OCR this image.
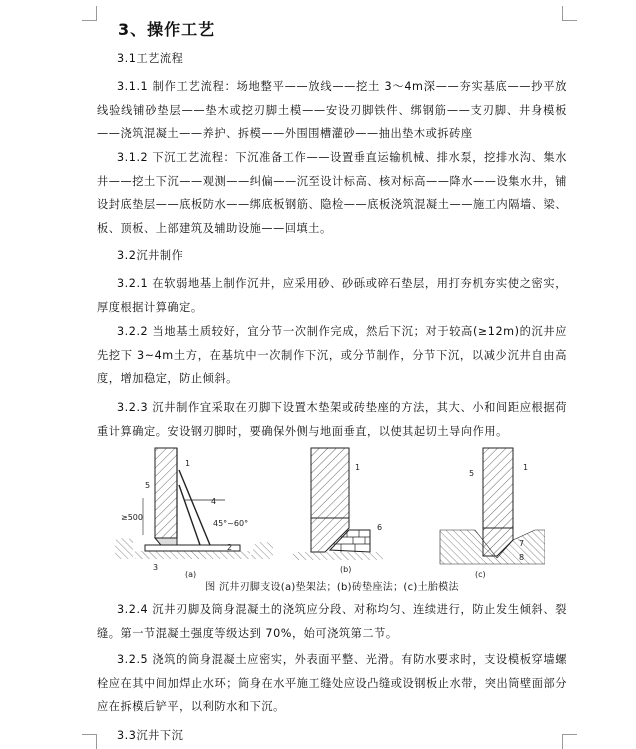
3、操作工艺

3.1工艺流程

3.1.1 制作工艺流程：场地整平——放线——挖土 3～4m深——夯实基底——抄平放线验线铺砂垫层——垫木或挖刃脚土模——安设刃脚铁件、绑钢筋——支刃脚、井身模板——浇筑混凝土——养护、拆模——外围围槽灌砂——抽出垫木或拆砖座

3.1.2 下沉工艺流程：下沉准备工作——设置垂直运输机械、排水泵，挖排水沟、集水井——挖土下沉——观测——纠偏——沉至设计标高、核对标高——降水——设集水井，铺设封底垫层——底板防水——绑底板钢筋、隐检——底板浇筑混凝土——施工内隔墙、梁、板、顶板、上部建筑及辅助设施——回填土。

3.2沉井制作

3.2.1 在软弱地基上制作沉井，应采用砂、砂砾或碎石垫层，用打夯机夯实使之密实，厚度根据计算确定。

3.2.2 当地基土质较好，宜分节一次制作完成，然后下沉；对于较高(≥12m)的沉井应先挖下 3~4m土方，在基坑中一次制作下沉，或分节制作，分节下沉，以减少沉井自由高度，增加稳定，防止倾斜。

3.2.3 沉井制作宜采取在刃脚下设置木垫架或砖垫座的方法，其大、小和间距应根据荷重计算确定。安设钢刃脚时，要确保外侧与地面垂直，以使其起切土导向作用。

≥500
45°~60°
5
1
4
2
3
(a)
1
6
(b)
5
1
7
8
(c)
图 沉井刃脚支设(a)垫架法；(b)砖垫座法；(c)土胎模法

3.2.4 沉井刃脚及筒身混凝土的浇筑应分段、对称均匀、连续进行，防止发生倾斜、裂缝。第一节混凝土强度等级达到 70%，始可浇筑第二节。

3.2.5 浇筑的筒身混凝土应密实，外表面平整、光滑。有防水要求时，支设模板穿墙螺栓应在其中间加焊止水环；筒身在水平施工缝处应设凸缝或设钢板止水带，突出筒壁面部分应在拆模后铲平，以利防水和下沉。

3.3沉井下沉
